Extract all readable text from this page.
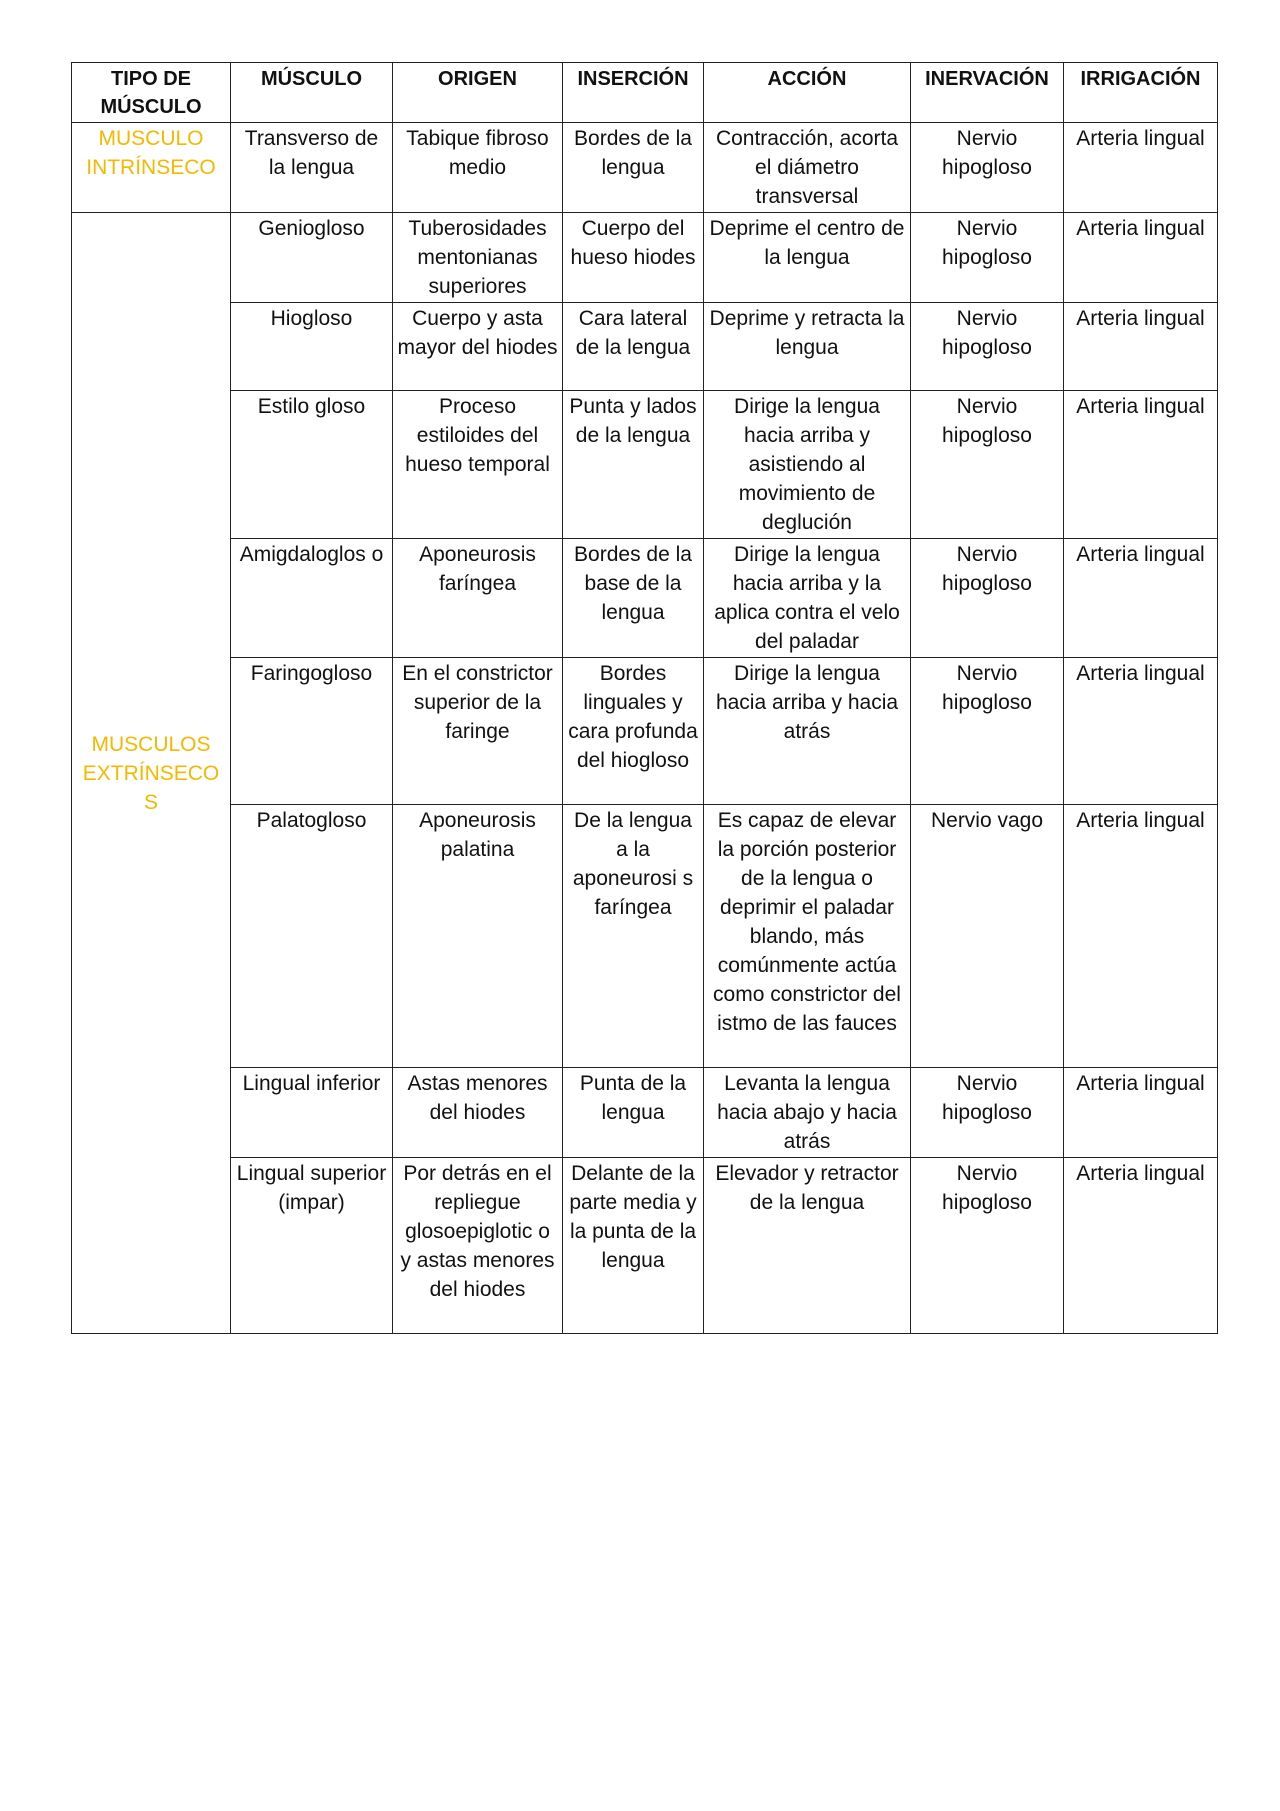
TIPO DE MÚSCULO	MÚSCULO	ORIGEN	INSERCIÓN	ACCIÓN	INERVACIÓN	IRRIGACIÓN
MUSCULO INTRÍNSECO	Transverso de la lengua	Tabique fibroso medio	Bordes de la lengua	Contracción, acorta el diámetro transversal	Nervio hipogloso	Arteria lingual
MUSCULOS EXTRÍNSECOS	Geniogloso	Tuberosidades mentonianas superiores	Cuerpo del hueso hiodes	Deprime el centro de la lengua	Nervio hipogloso	Arteria lingual
	Hiogloso	Cuerpo y asta mayor del hiodes	Cara lateral de la lengua	Deprime y retracta la lengua	Nervio hipogloso	Arteria lingual
	Estilo gloso	Proceso estiloides del hueso temporal	Punta y lados de la lengua	Dirige la lengua hacia arriba y asistiendo al movimiento de deglución	Nervio hipogloso	Arteria lingual
	Amigdaloglos o	Aponeurosis faríngea	Bordes de la base de la lengua	Dirige la lengua hacia arriba y la aplica contra el velo del paladar	Nervio hipogloso	Arteria lingual
	Faringogloso	En el constrictor superior de la faringe	Bordes linguales y cara profunda del hiogloso	Dirige la lengua hacia arriba y hacia atrás	Nervio hipogloso	Arteria lingual
	Palatogloso	Aponeurosis palatina	De la lengua a la aponeurosi s faríngea	Es capaz de elevar la porción posterior de la lengua o deprimir el paladar blando, más comúnmente actúa como constrictor del istmo de las fauces	Nervio vago	Arteria lingual
	Lingual inferior	Astas menores del hiodes	Punta de la lengua	Levanta la lengua hacia abajo y hacia atrás	Nervio hipogloso	Arteria lingual
	Lingual superior (impar)	Por detrás en el repliegue glosoepiglotic o y astas menores del hiodes	Delante de la parte media y la punta de la lengua	Elevador y retractor de la lengua	Nervio hipogloso	Arteria lingual
